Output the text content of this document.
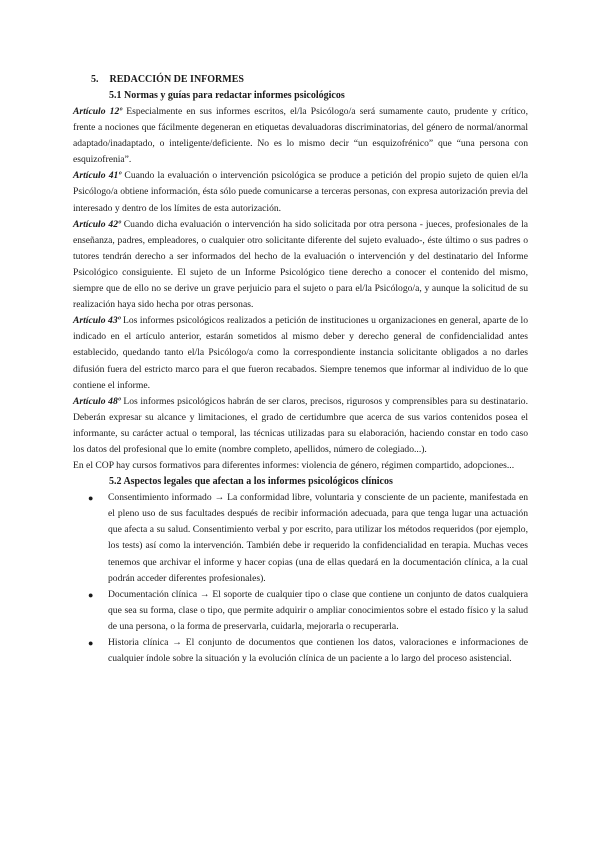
5. REDACCIÓN DE INFORMES
5.1 Normas y guías para redactar informes psicológicos

Artículo 12º Especialmente en sus informes escritos, el/la Psicólogo/a será sumamente cauto, prudente y crítico, frente a nociones que fácilmente degeneran en etiquetas devaluadoras discriminatorias, del género de normal/anormal adaptado/inadaptado, o inteligente/deficiente. No es lo mismo decir “un esquizofrénico” que “una persona con esquizofrenia”.

Artículo 41º Cuando la evaluación o intervención psicológica se produce a petición del propio sujeto de quien el/la Psicólogo/a obtiene información, ésta sólo puede comunicarse a terceras personas, con expresa autorización previa del interesado y dentro de los límites de esta autorización.

Artículo 42º Cuando dicha evaluación o intervención ha sido solicitada por otra persona - jueces, profesionales de la enseñanza, padres, empleadores, o cualquier otro solicitante diferente del sujeto evaluado-, éste último o sus padres o tutores tendrán derecho a ser informados del hecho de la evaluación o intervención y del destinatario del Informe Psicológico consiguiente. El sujeto de un Informe Psicológico tiene derecho a conocer el contenido del mismo, siempre que de ello no se derive un grave perjuicio para el sujeto o para el/la Psicólogo/a, y aunque la solicitud de su realización haya sido hecha por otras personas.

Artículo 43º Los informes psicológicos realizados a petición de instituciones u organizaciones en general, aparte de lo indicado en el artículo anterior, estarán sometidos al mismo deber y derecho general de confidencialidad antes establecido, quedando tanto el/la Psicólogo/a como la correspondiente instancia solicitante obligados a no darles difusión fuera del estricto marco para el que fueron recabados. Siempre tenemos que informar al individuo de lo que contiene el informe.

Artículo 48º Los informes psicológicos habrán de ser claros, precisos, rigurosos y comprensibles para su destinatario. Deberán expresar su alcance y limitaciones, el grado de certidumbre que acerca de sus varios contenidos posea el informante, su carácter actual o temporal, las técnicas utilizadas para su elaboración, haciendo constar en todo caso los datos del profesional que lo emite (nombre completo, apellidos, número de colegiado...).

En el COP hay cursos formativos para diferentes informes: violencia de género, régimen compartido, adopciones...

5.2 Aspectos legales que afectan a los informes psicológicos clínicos
● Consentimiento informado → La conformidad libre, voluntaria y consciente de un paciente, manifestada en el pleno uso de sus facultades después de recibir información adecuada, para que tenga lugar una actuación que afecta a su salud. Consentimiento verbal y por escrito, para utilizar los métodos requeridos (por ejemplo, los tests) así como la intervención. También debe ir requerido la confidencialidad en terapia. Muchas veces tenemos que archivar el informe y hacer copias (una de ellas quedará en la documentación clínica, a la cual podrán acceder diferentes profesionales).
● Documentación clínica → El soporte de cualquier tipo o clase que contiene un conjunto de datos cualquiera que sea su forma, clase o tipo, que permite adquirir o ampliar conocimientos sobre el estado físico y la salud de una persona, o la forma de preservarla, cuidarla, mejorarla o recuperarla.
● Historia clínica → El conjunto de documentos que contienen los datos, valoraciones e informaciones de cualquier índole sobre la situación y la evolución clínica de un paciente a lo largo del proceso asistencial.
